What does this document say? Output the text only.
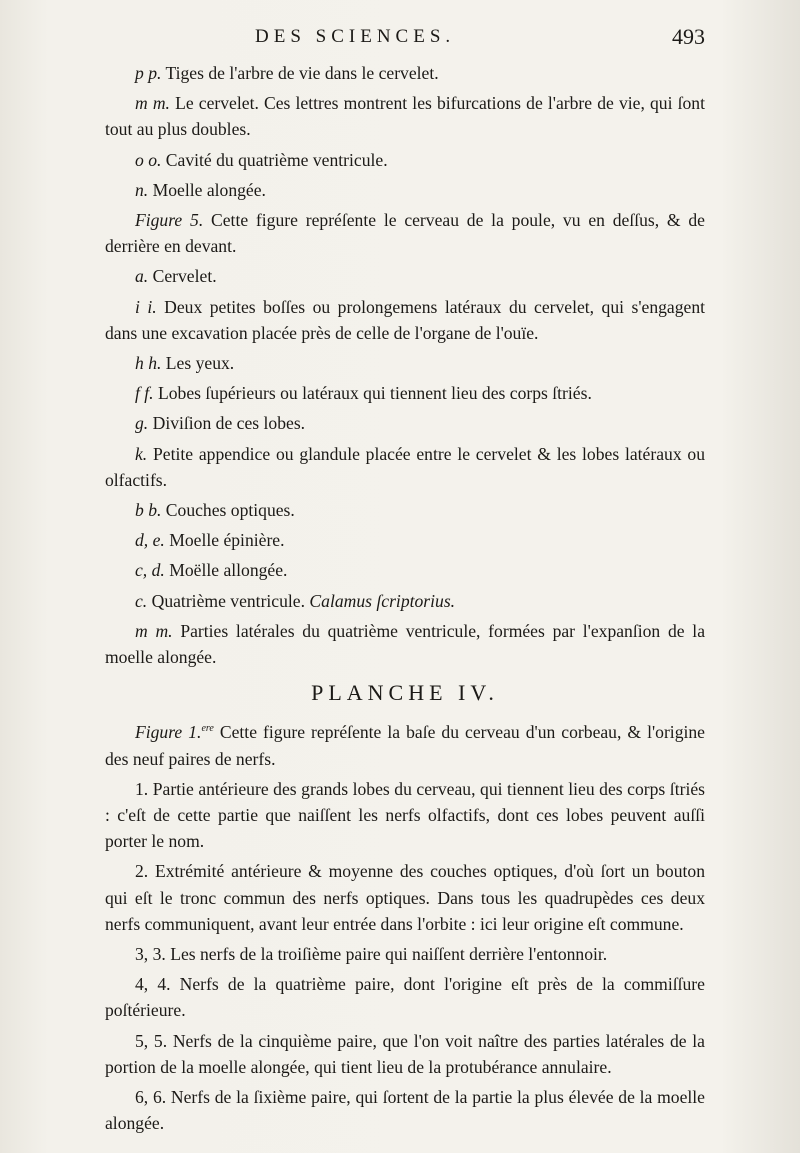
DES SCIENCES.	493

p p. Tiges de l'arbre de vie dans le cervelet.

m m. Le cervelet. Ces lettres montrent les bifurcations de l'arbre de vie, qui ſont tout au plus doubles.

o o. Cavité du quatrième ventricule.

n. Moelle alongée.

Figure 5. Cette figure repréſente le cerveau de la poule, vu en deſſus, & de derrière en devant.

a. Cervelet.

i i. Deux petites boſſes ou prolongemens latéraux du cervelet, qui s'engagent dans une excavation placée près de celle de l'organe de l'ouïe.

h h. Les yeux.

f f. Lobes ſupérieurs ou latéraux qui tiennent lieu des corps ſtriés.

g. Diviſion de ces lobes.

k. Petite appendice ou glandule placée entre le cervelet & les lobes latéraux ou olfactifs.

b b. Couches optiques.

d, e. Moelle épinière.

c, d. Moëlle allongée.

c. Quatrième ventricule. Calamus ſcriptorius.

m m. Parties latérales du quatrième ventricule, formées par l'expanſion de la moelle alongée.

PLANCHE IV.

Figure 1.$^{ere}$ Cette figure repréſente la baſe du cerveau d'un corbeau, & l'origine des neuf paires de nerfs.

1. Partie antérieure des grands lobes du cerveau, qui tiennent lieu des corps ſtriés : c'eſt de cette partie que naiſſent les nerfs olfactifs, dont ces lobes peuvent auſſi porter le nom.

2. Extrémité antérieure & moyenne des couches optiques, d'où ſort un bouton qui eſt le tronc commun des nerfs optiques. Dans tous les quadrupèdes ces deux nerfs communiquent, avant leur entrée dans l'orbite : ici leur origine eſt commune.

3, 3. Les nerfs de la troiſième paire qui naiſſent derrière l'entonnoir.

4, 4. Nerfs de la quatrième paire, dont l'origine eſt près de la commiſſure poſtérieure.

5, 5. Nerfs de la cinquième paire, que l'on voit naître des parties latérales de la portion de la moelle alongée, qui tient lieu de la protubérance annulaire.

6, 6. Nerfs de la ſixième paire, qui ſortent de la partie la plus élevée de la moelle alongée.
